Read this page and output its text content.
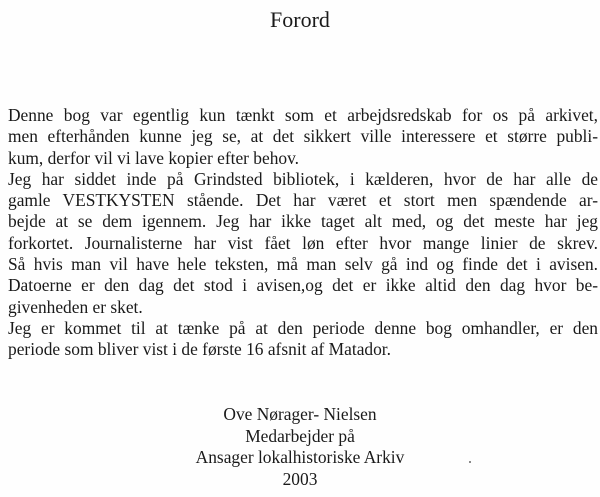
Forord
Denne bog var egentlig kun tænkt som et arbejdsredskab for os på arkivet,
men efterhånden kunne jeg se, at det sikkert ville interessere et større publi-
kum, derfor vil vi lave kopier efter behov.
Jeg har siddet inde på Grindsted bibliotek, i kælderen, hvor de har alle de
gamle VESTKYSTEN stående. Det har været et stort men spændende ar-
bejde at se dem igennem. Jeg har ikke taget alt med, og det meste har jeg
forkortet. Journalisterne har vist fået løn efter hvor mange linier de skrev.
Så hvis man vil have hele teksten, må man selv gå ind og finde det i avisen.
Datoerne er den dag det stod i avisen,og det er ikke altid den dag hvor be-
givenheden er sket.
Jeg er kommet til at tænke på at den periode denne bog omhandler, er den
periode som bliver vist i de første 16 afsnit af Matador.
Ove Nørager- Nielsen
Medarbejder på
Ansager lokalhistoriske Arkiv
2003
